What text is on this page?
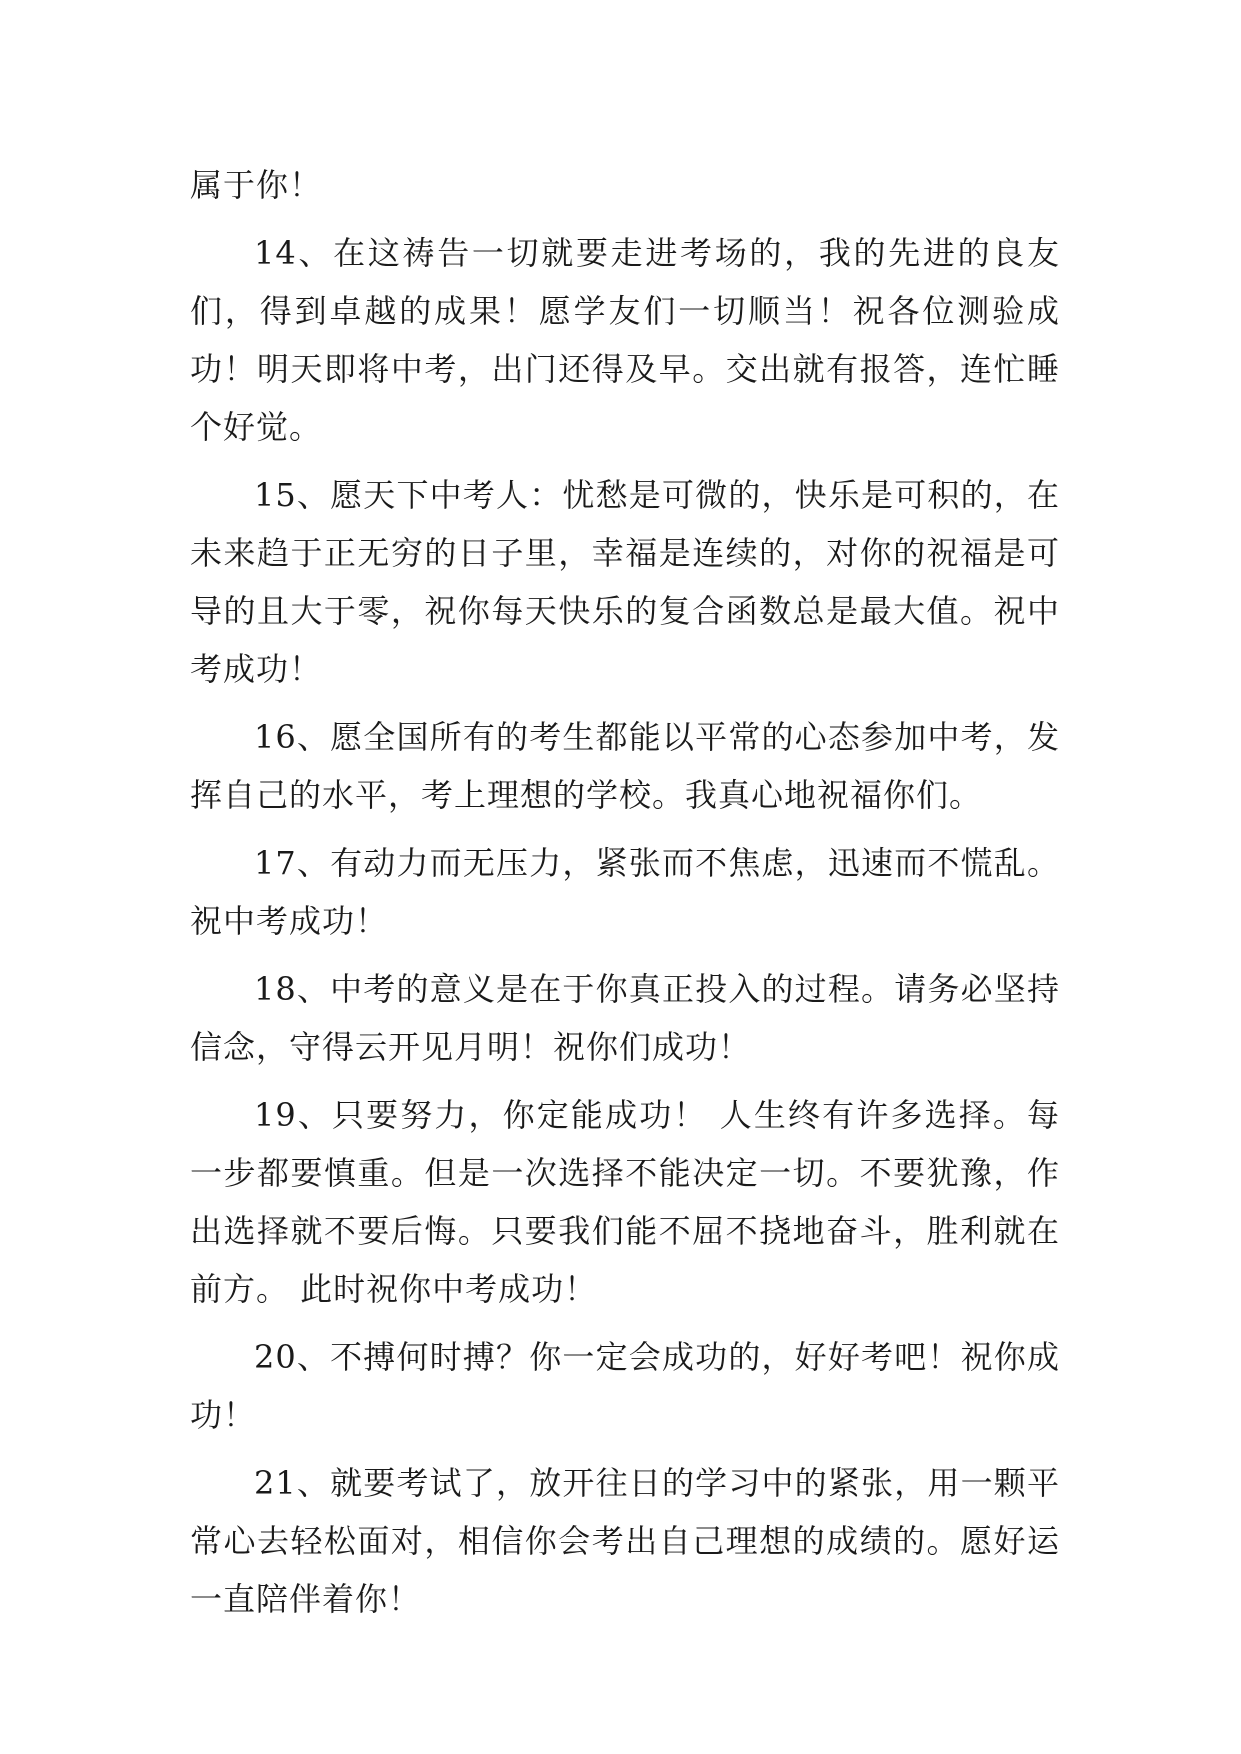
属于你！

14、在这祷告一切就要走进考场的，我的先进的良友们，得到卓越的成果！愿学友们一切顺当！祝各位测验成功！明天即将中考，出门还得及早。交出就有报答，连忙睡个好觉。

15、愿天下中考人：忧愁是可微的，快乐是可积的，在未来趋于正无穷的日子里，幸福是连续的，对你的祝福是可导的且大于零，祝你每天快乐的复合函数总是最大值。祝中考成功！

16、愿全国所有的考生都能以平常的心态参加中考，发挥自己的水平，考上理想的学校。我真心地祝福你们。

17、有动力而无压力，紧张而不焦虑，迅速而不慌乱。祝中考成功！

18、中考的意义是在于你真正投入的过程。请务必坚持信念，守得云开见月明！祝你们成功！

19、只要努力，你定能成功！ 人生终有许多选择。每一步都要慎重。但是一次选择不能决定一切。不要犹豫，作出选择就不要后悔。只要我们能不屈不挠地奋斗，胜利就在前方。 此时祝你中考成功！

20、不搏何时搏？你一定会成功的，好好考吧！祝你成功！

21、就要考试了，放开往日的学习中的紧张，用一颗平常心去轻松面对，相信你会考出自己理想的成绩的。愿好运一直陪伴着你！
